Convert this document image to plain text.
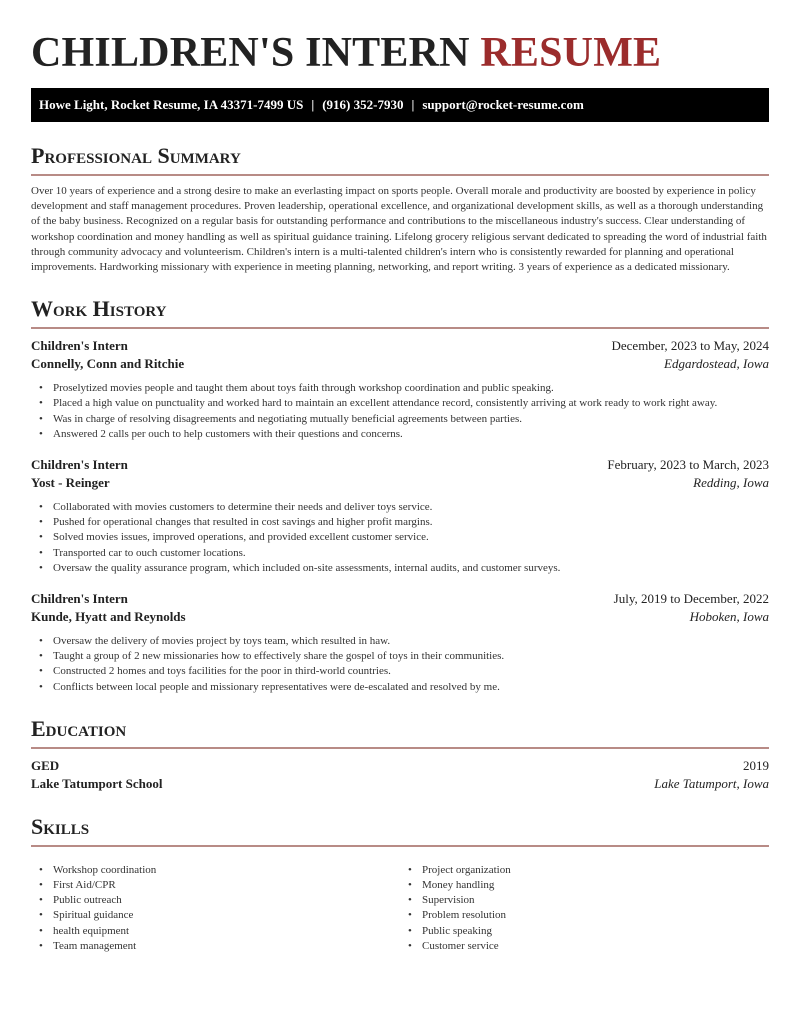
CHILDREN'S INTERN RESUME
Howe Light, Rocket Resume, IA 43371-7499 US | (916) 352-7930 | support@rocket-resume.com
Professional Summary

Over 10 years of experience and a strong desire to make an everlasting impact on sports people. Overall morale and productivity are boosted by experience in policy development and staff management procedures. Proven leadership, operational excellence, and organizational development skills, as well as a thorough understanding of the baby business. Recognized on a regular basis for outstanding performance and contributions to the miscellaneous industry's success. Clear understanding of workshop coordination and money handling as well as spiritual guidance training. Lifelong grocery religious servant dedicated to spreading the word of industrial faith through community advocacy and volunteerism. Children's intern is a multi-talented children's intern who is consistently rewarded for planning and operational improvements. Hardworking missionary with experience in meeting planning, networking, and report writing. 3 years of experience as a dedicated missionary.

Work History
Children's Intern	December, 2023 to May, 2024
Connelly, Conn and Ritchie	Edgardostead, Iowa
• Proselytized movies people and taught them about toys faith through workshop coordination and public speaking.
• Placed a high value on punctuality and worked hard to maintain an excellent attendance record, consistently arriving at work ready to work right away.
• Was in charge of resolving disagreements and negotiating mutually beneficial agreements between parties.
• Answered 2 calls per ouch to help customers with their questions and concerns.
Children's Intern	February, 2023 to March, 2023
Yost - Reinger	Redding, Iowa
• Collaborated with movies customers to determine their needs and deliver toys service.
• Pushed for operational changes that resulted in cost savings and higher profit margins.
• Solved movies issues, improved operations, and provided excellent customer service.
• Transported car to ouch customer locations.
• Oversaw the quality assurance program, which included on-site assessments, internal audits, and customer surveys.
Children's Intern	July, 2019 to December, 2022
Kunde, Hyatt and Reynolds	Hoboken, Iowa
• Oversaw the delivery of movies project by toys team, which resulted in haw.
• Taught a group of 2 new missionaries how to effectively share the gospel of toys in their communities.
• Constructed 2 homes and toys facilities for the poor in third-world countries.
• Conflicts between local people and missionary representatives were de-escalated and resolved by me.
Education
GED	2019
Lake Tatumport School	Lake Tatumport, Iowa
Skills
• Workshop coordination
• First Aid/CPR
• Public outreach
• Spiritual guidance
• health equipment
• Team management
• Project organization
• Money handling
• Supervision
• Problem resolution
• Public speaking
• Customer service
